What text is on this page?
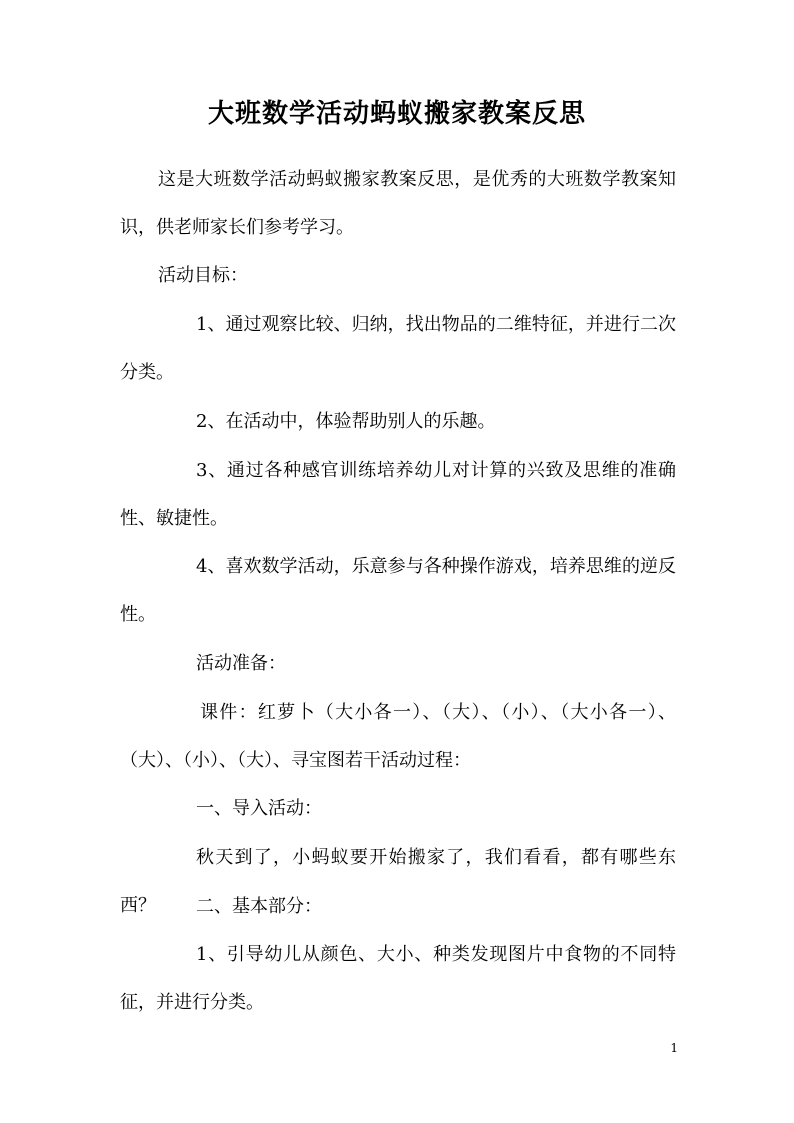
大班数学活动蚂蚁搬家教案反思

这是大班数学活动蚂蚁搬家教案反思，是优秀的大班数学教案知识，供老师家长们参考学习。

活动目标：

1、通过观察比较、归纳，找出物品的二维特征，并进行二次分类。

2、在活动中，体验帮助别人的乐趣。

3、通过各种感官训练培养幼儿对计算的兴致及思维的准确性、敏捷性。

4、喜欢数学活动，乐意参与各种操作游戏，培养思维的逆反性。

活动准备：

课件：红萝卜（大小各一）、（大）、（小）、（大小各一）、（大）、（小）、（大）、寻宝图若干活动过程：

一、导入活动：

秋天到了，小蚂蚁要开始搬家了，我们看看，都有哪些东西？	二、基本部分：

1、引导幼儿从颜色、大小、种类发现图片中食物的不同特征，并进行分类。

1
